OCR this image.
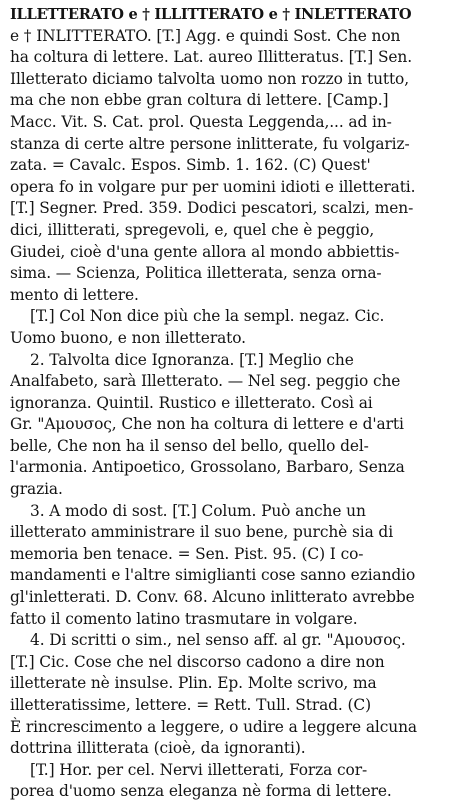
ILLETTERATO e † ILLITTERATO e † INLETTERATO
e † INLITTERATO. [T.] Agg. e quindi Sost. Che non
ha coltura di lettere. Lat. aureo Illitteratus. [T.] Sen.
Illetterato diciamo talvolta uomo non rozzo in tutto,
ma che non ebbe gran coltura di lettere. [Camp.]
Macc. Vit. S. Cat. prol. Questa Leggenda,... ad in-
stanza di certe altre persone inlitterate, fu volgariz-
zata. = Cavalc. Espos. Simb. 1. 162. (C) Quest'
opera fo in volgare pur per uomini idioti e illetterati.
[T.] Segner. Pred. 359. Dodici pescatori, scalzi, men-
dici, illitterati, spregevoli, e, quel che è peggio,
Giudei, cioè d'una gente allora al mondo abbiettis-
sima. — Scienza, Politica illetterata, senza orna-
mento di lettere.
[T.] Col Non dice più che la sempl. negaz. Cic.
Uomo buono, e non illetterato.
2. Talvolta dice Ignoranza. [T.] Meglio che
Analfabeto, sarà Illetterato. — Nel seg. peggio che
ignoranza. Quintil. Rustico e illetterato. Così ai
Gr. "Αμουσος, Che non ha coltura di lettere e d'arti
belle, Che non ha il senso del bello, quello del-
l'armonia. Antipoetico, Grossolano, Barbaro, Senza
grazia.
3. A modo di sost. [T.] Colum. Può anche un
illetterato amministrare il suo bene, purchè sia di
memoria ben tenace. = Sen. Pist. 95. (C) I co-
mandamenti e l'altre simiglianti cose sanno eziandio
gl'inletterati. D. Conv. 68. Alcuno inlitterato avrebbe
fatto il comento latino trasmutare in volgare.
4. Di scritti o sim., nel senso aff. al gr. "Αμουσος.
[T.] Cic. Cose che nel discorso cadono a dire non
illetterate nè insulse. Plin. Ep. Molte scrivo, ma
illetteratissime, lettere. = Rett. Tull. Strad. (C)
È rincrescimento a leggere, o udire a leggere alcuna
dottrina illitterata (cioè, da ignoranti).
[T.] Hor. per cel. Nervi illetterati, Forza cor-
porea d'uomo senza eleganza nè forma di lettere.
